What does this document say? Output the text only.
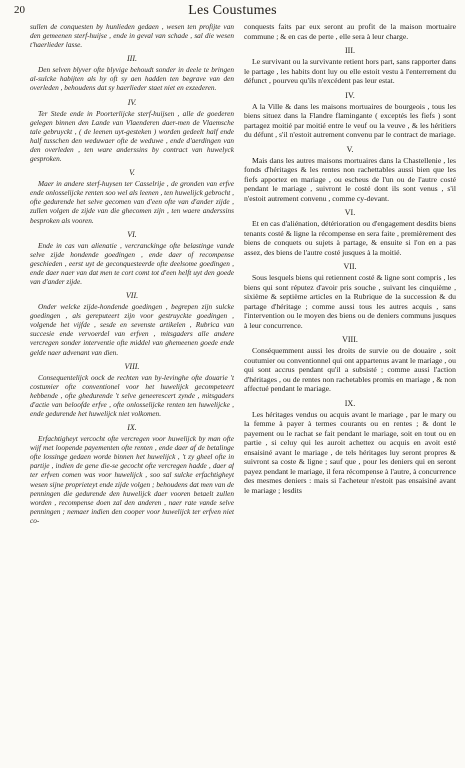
20	Les Coustumes

sullen de conquesten by hunlieden gedaen , wesen ten profijte van den gemeenen sterf-huijse , ende in geval van schade , sal die wesen t'haerlieder lasse.

III.

Den selven blyver ofte blyvige behoudt sonder in deele te bringen al-sulcke habijten als hy oft sy aen hadden ten begrave van den overleden , behoudens dat sy haerlieder staet niet en exzederen.

IV.

Ter Stede ende in Poorterlijcke sterf-huijsen , alle de goederen gelegen binnen den Lande van Vlaenderen daer-men de Vlaemsche tale gebruyckt , ( de leenen uyt-gesteken ) worden gedeelt half ende half tusschen den weduwaer ofte de weduwe , ende d'aerdingen van den overleden , ten ware anderssins by contract van huwelyck gesproken.

V.

Maer in andere sterf-huysen ter Casselrije , de gronden van erfve ende onlosselijcke renten soo wel als leenen , ten huwelijck gebrocht , ofte gedurende het selve gecomen van d'een ofte van d'ander zijde , zullen volgen de zijde van die ghecomen zijn , ten waere anderssins besproken als vooren.

VI.

Ende in cas van alienatie , vercranckinge ofte belastinge vande selve zijde hondende goedingen , ende daer of recompense geschieden , eerst uyt de geconquesteerde ofte deelsome goedingen , ende daer naer van dat men te cort comt tot d'een helft uyt den goede van d'ander zijde.

VII.

Onder welcke zijde-hondende goedingen , begrepen zijn sulcke goedingen , als gereputeert zijn voor gestruyckte goedingen , volgende het vijfde , sesde en sevenste artikelen , Rubrica van succesie ende vervoerdel van erfven , mitsgaders alle andere vercregen sonder interventie ofte middel van ghemeenen goede ende gelde naer advenant van dien.

VIII.

Consequentelijck oock de rechten van by-levinghe ofte douarie 't costumier ofte conventionel voor het huwelijck gecompeteert hebbende , ofte ghedurende 't selve geneerescert zynde , mitsgaders d'actie van beloofde erfve , ofte onlosselijcke renten ten huwelijcke , ende gedurende het huwelijck niet volkomen.

IX.

Erfachtigheyt vercocht ofte vercregen voor huwelijck by man ofte wijf met loopende payementen ofte renten , ende daer af de betalinge ofte lossinge gedaen worde binnen het huwelijck , 't zy gheel ofte in partije , indien de gene die-se gecocht ofte vercregen hadde , daer af ter erfven comen was voor huwelijck , soo sal sulcke erfachtigheyt wesen sijne proprieteyt ende zijde volgen ; behoudens dat men van de penningen die gedurende den huwelijck daer vooren betaelt zullen worden , recompense doen zal den anderen , naer rate vande selve penningen ; nemaer indien den cooper voor huwelijck ter erfven niet co-

conquests faits par eux seront au profit de la maison mortuaire commune ; & en cas de perte , elle sera à leur charge.

III.

Le survivant ou la survivante retient hors part, sans rapporter dans le partage , les habits dont luy ou elle estoit vestu à l'enterrement du défunct , pourveu qu'ils n'excédent pas leur estat.

IV.

A la Ville & dans les maisons mortuaires de bourgeois , tous les biens situez dans la Flandre flamingante ( exceptés les fiefs ) sont partagez moitié par moitié entre le veuf ou la veuve , & les héritiers du défunt , s'il n'estoit autrement convenu par le contract de mariage.

V.

Mais dans les autres maisons mortuaires dans la Chastellenie , les fonds d'héritages & les rentes non rachettables aussi bien que les fiefs apportez en mariage , ou escheus de l'un ou de l'autre costé pendant le mariage , suivront le costé dont ils sont venus , s'il n'estoit autrement convenu , comme cy-devant.

VI.

Et en cas d'aliénation, détérioration ou d'engagement desdits biens tenants costé & ligne la récompense en sera faite , premièrement des biens de conquets ou sujets à partage, & ensuite si l'on en a pas assez, des biens de l'autre costé jusques à la moitié.

VII.

Sous lesquels biens qui retiennent costé & ligne sont compris , les biens qui sont réputez d'avoir pris souche , suivant les cinquième , sixième & septième articles en la Rubrique de la succession & du partage d'héritage ; comme aussi tous les autres acquis , sans l'intervention ou le moyen des biens ou de deniers communs jusques à leur concurrence.

VIII.

Conséquemment aussi les droits de survie ou de douaire , soit coutumier ou conventionnel qui ont appartenus avant le mariage , ou qui sont accrus pendant qu'il a subsisté ; comme aussi l'action d'héritages , ou de rentes non rachetables promis en mariage , & non affectué pendant le mariage.

IX.

Les héritages vendus ou acquis avant le mariage , par le mary ou la femme à payer à termes courants ou en rentes ; & dont le payement ou le rachat se fait pendant le mariage, soit en tout ou en partie , si celuy qui les auroit achettez ou acquis en avoit esté ensaisiné avant le mariage , de tels héritages luy seront propres & suivront sa coste & ligne ; sauf que , pour les deniers qui en seront payez pendant le mariage, il fera récompense à l'autre, à concurrence des mesmes deniers : mais si l'acheteur n'estoit pas ensaisiné avant le mariage ; lesdits
